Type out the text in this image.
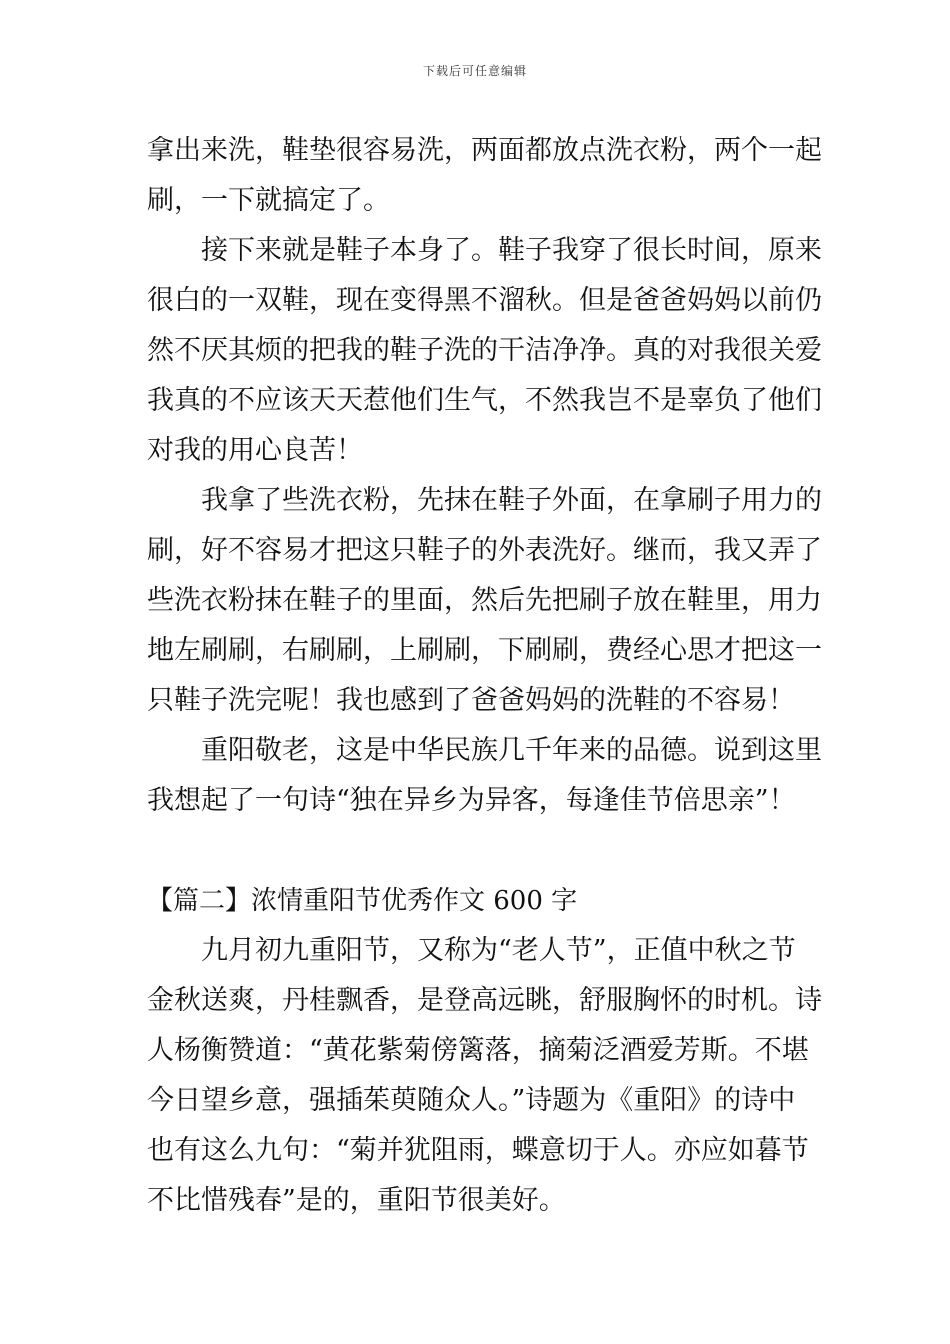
下载后可任意编辑
拿出来洗，鞋垫很容易洗，两面都放点洗衣粉，两个一起
刷，一下就搞定了。
接下来就是鞋子本身了。鞋子我穿了很长时间，原来
很白的一双鞋，现在变得黑不溜秋。但是爸爸妈妈以前仍
然不厌其烦的把我的鞋子洗的干洁净净。真的对我很关爱
我真的不应该天天惹他们生气，不然我岂不是辜负了他们
对我的用心良苦！
我拿了些洗衣粉，先抹在鞋子外面，在拿刷子用力的
刷，好不容易才把这只鞋子的外表洗好。继而，我又弄了
些洗衣粉抹在鞋子的里面，然后先把刷子放在鞋里，用力
地左刷刷，右刷刷，上刷刷，下刷刷，费经心思才把这一
只鞋子洗完呢！我也感到了爸爸妈妈的洗鞋的不容易！
重阳敬老，这是中华民族几千年来的品德。说到这里
我想起了一句诗“独在异乡为异客，每逢佳节倍思亲”！
【篇二】浓情重阳节优秀作文 600 字
九月初九重阳节，又称为“老人节”，正值中秋之节
金秋送爽，丹桂飘香，是登高远眺，舒服胸怀的时机。诗
人杨衡赞道：“黄花紫菊傍篱落，摘菊泛酒爱芳斯。不堪
今日望乡意，强插茱萸随众人。”诗题为《重阳》的诗中
也有这么九句：“菊并犹阻雨，蝶意切于人。亦应如暮节
不比惜残春”是的，重阳节很美好。
